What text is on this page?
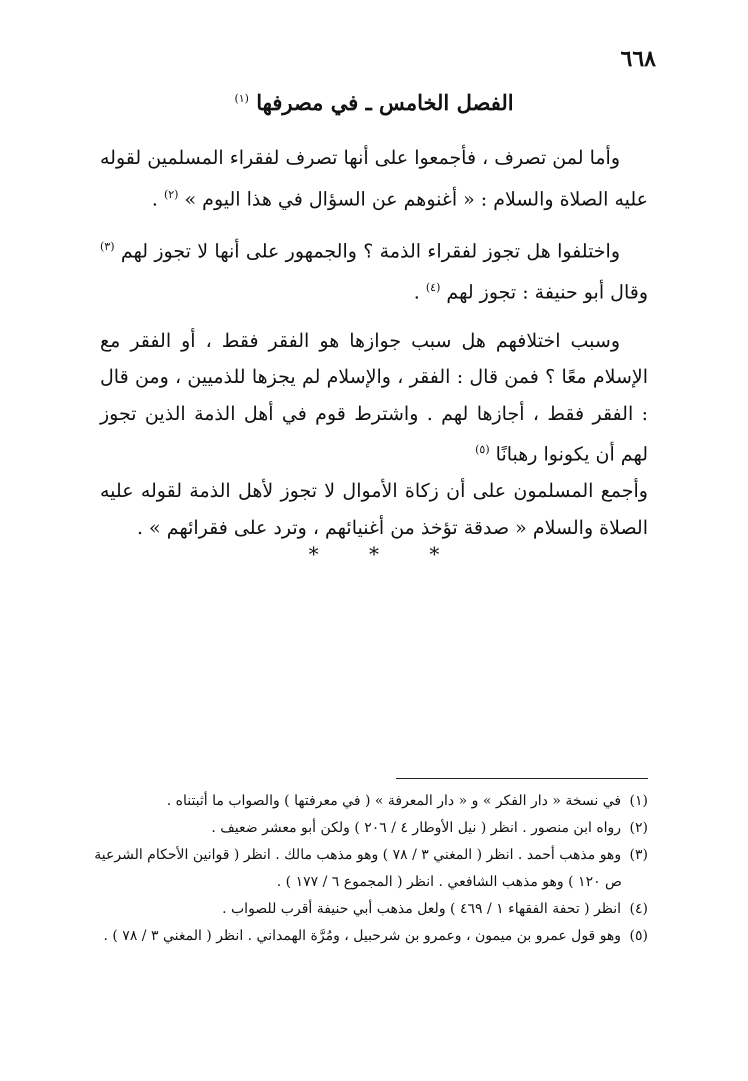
٦٦٨
الفصل الخامس ـ في مصرفها $^{(١)}$

وأما لمن تصرف ، فأجمعوا على أنها تصرف لفقراء المسلمين لقوله عليه الصلاة والسلام : « أغنوهم عن السؤال في هذا اليوم » $^{(٢)}$ .

واختلفوا هل تجوز لفقراء الذمة ؟ والجمهور على أنها لا تجوز لهم $^{(٣)}$ وقال أبو حنيفة : تجوز لهم $^{(٤)}$ .

وسبب اختلافهم هل سبب جوازها هو الفقر فقط ، أو الفقر مع الإسلام معًا ؟ فمن قال : الفقر ، والإسلام لم يجزها للذميين ، ومن قال : الفقر فقط ، أجازها لهم . واشترط قوم في أهل الذمة الذين تجوز لهم أن يكونوا رهبانًا $^{(٥)}$
وأجمع المسلمون على أن زكاة الأموال لا تجوز لأهل الذمة لقوله عليه الصلاة والسلام « صدقة تؤخذ من أغنيائهم ، وترد على فقرائهم » .

* * *

(١) في نسخة « دار الفكر » و « دار المعرفة » ( في معرفتها ) والصواب ما أثبتناه .

(٢) رواه ابن منصور . انظر ( نيل الأوطار ٤ / ٢٠٦ ) ولكن أبو معشر ضعيف .

(٣) وهو مذهب أحمد . انظر ( المغني ٣ / ٧٨ ) وهو مذهب مالك . انظر ( قوانين الأحكام الشرعية

ص ١٢٠ ) وهو مذهب الشافعي . انظر ( المجموع ٦ / ١٧٧ ) .

(٤) انظر ( تحفة الفقهاء ١ / ٤٦٩ ) ولعل مذهب أبي حنيفة أقرب للصواب .

(٥) وهو قول عمرو بن ميمون ، وعمرو بن شرحبيل ، ومُرَّة الهمداني . انظر ( المغني ٣ / ٧٨ ) .
